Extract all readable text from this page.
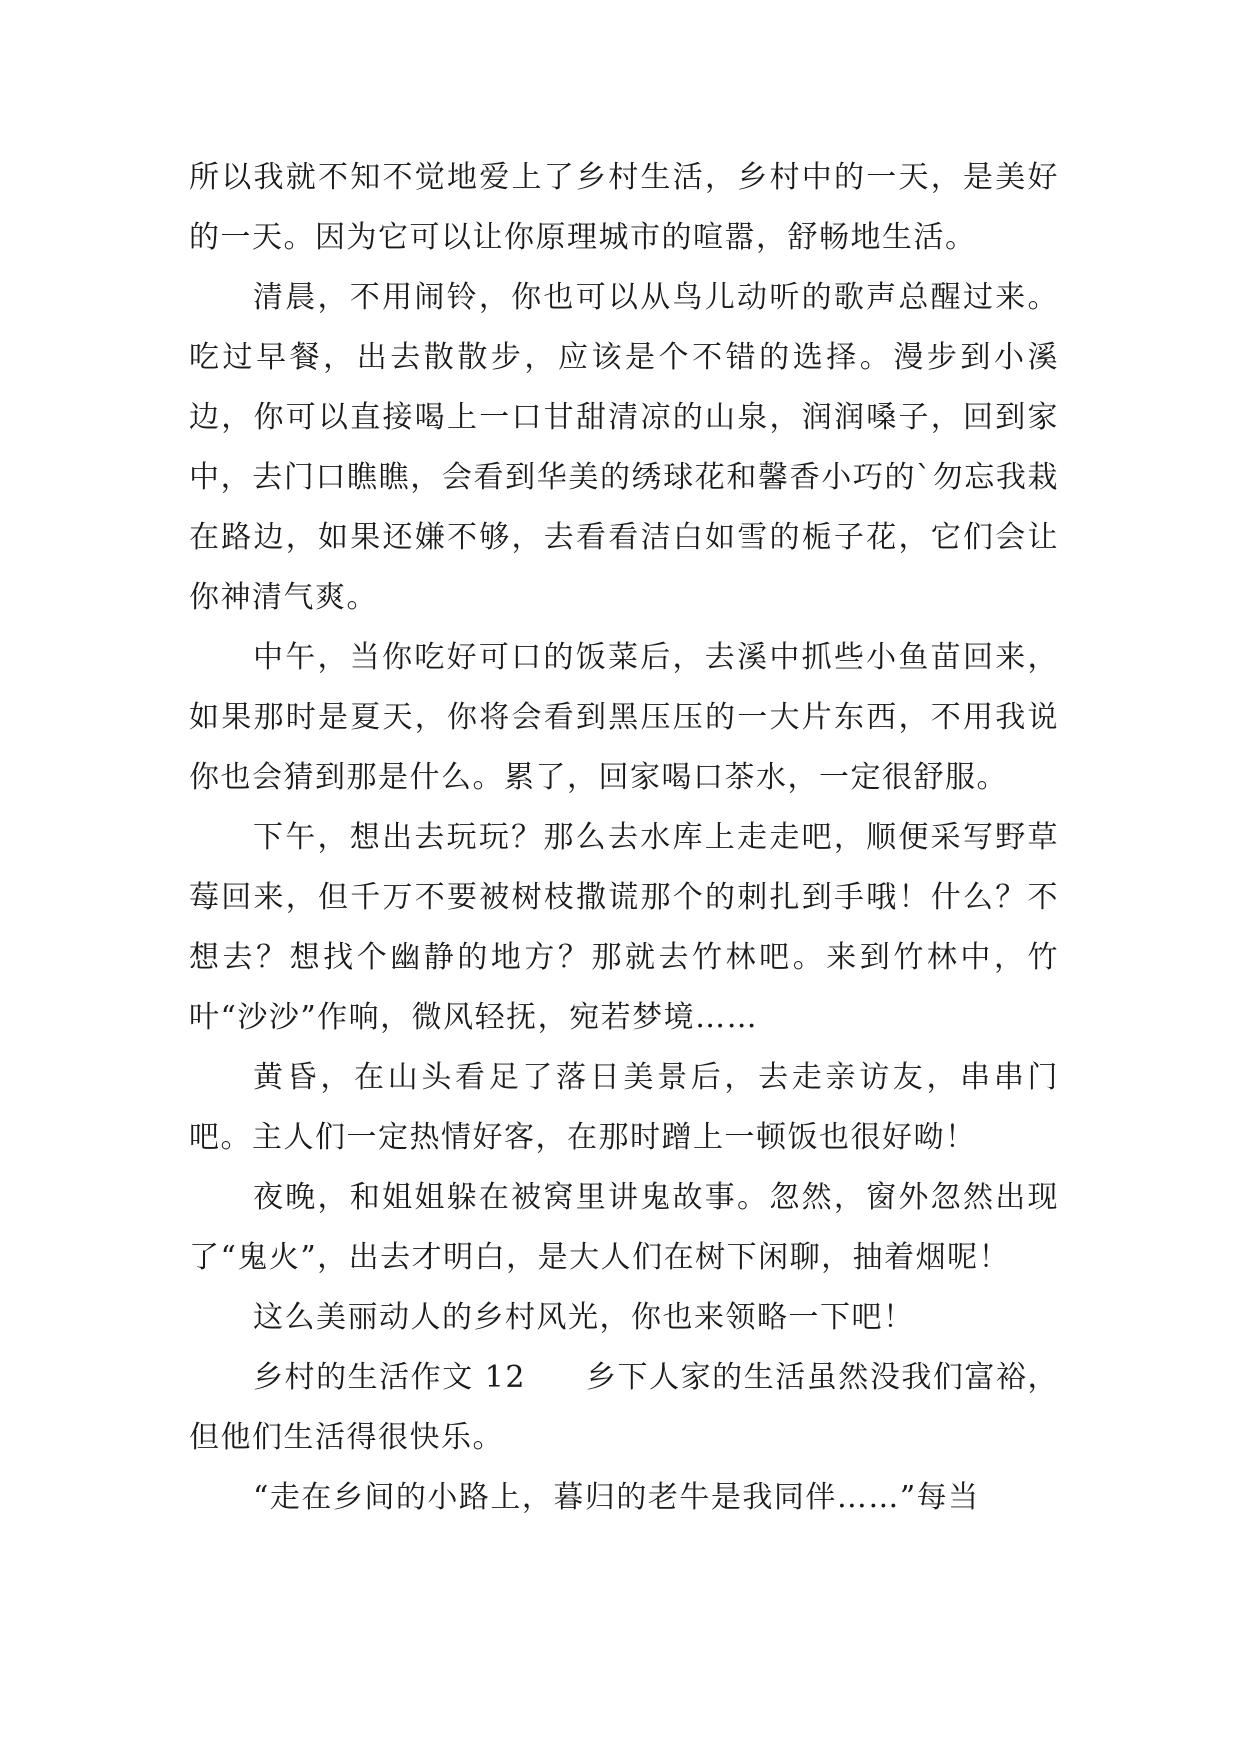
所以我就不知不觉地爱上了乡村生活，乡村中的一天，是美好的一天。因为它可以让你原理城市的喧嚣，舒畅地生活。

清晨，不用闹铃，你也可以从鸟儿动听的歌声总醒过来。吃过早餐，出去散散步，应该是个不错的选择。漫步到小溪边，你可以直接喝上一口甘甜清凉的山泉，润润嗓子，回到家中，去门口瞧瞧，会看到华美的绣球花和馨香小巧的`勿忘我栽在路边，如果还嫌不够，去看看洁白如雪的栀子花，它们会让你神清气爽。

中午，当你吃好可口的饭菜后，去溪中抓些小鱼苗回来，如果那时是夏天，你将会看到黑压压的一大片东西，不用我说你也会猜到那是什么。累了，回家喝口茶水，一定很舒服。

下午，想出去玩玩？那么去水库上走走吧，顺便采写野草莓回来，但千万不要被树枝撒谎那个的刺扎到手哦！什么？不想去？想找个幽静的地方？那就去竹林吧。来到竹林中，竹叶“沙沙”作响，微风轻抚，宛若梦境……

黄昏，在山头看足了落日美景后，去走亲访友，串串门吧。主人们一定热情好客，在那时蹭上一顿饭也很好呦！

夜晚，和姐姐躲在被窝里讲鬼故事。忽然，窗外忽然出现了“鬼火”，出去才明白，是大人们在树下闲聊，抽着烟呢！

这么美丽动人的乡村风光，你也来领略一下吧！

乡村的生活作文 12 乡下人家的生活虽然没我们富裕，但他们生活得很快乐。

“走在乡间的小路上，暮归的老牛是我同伴……”每当
